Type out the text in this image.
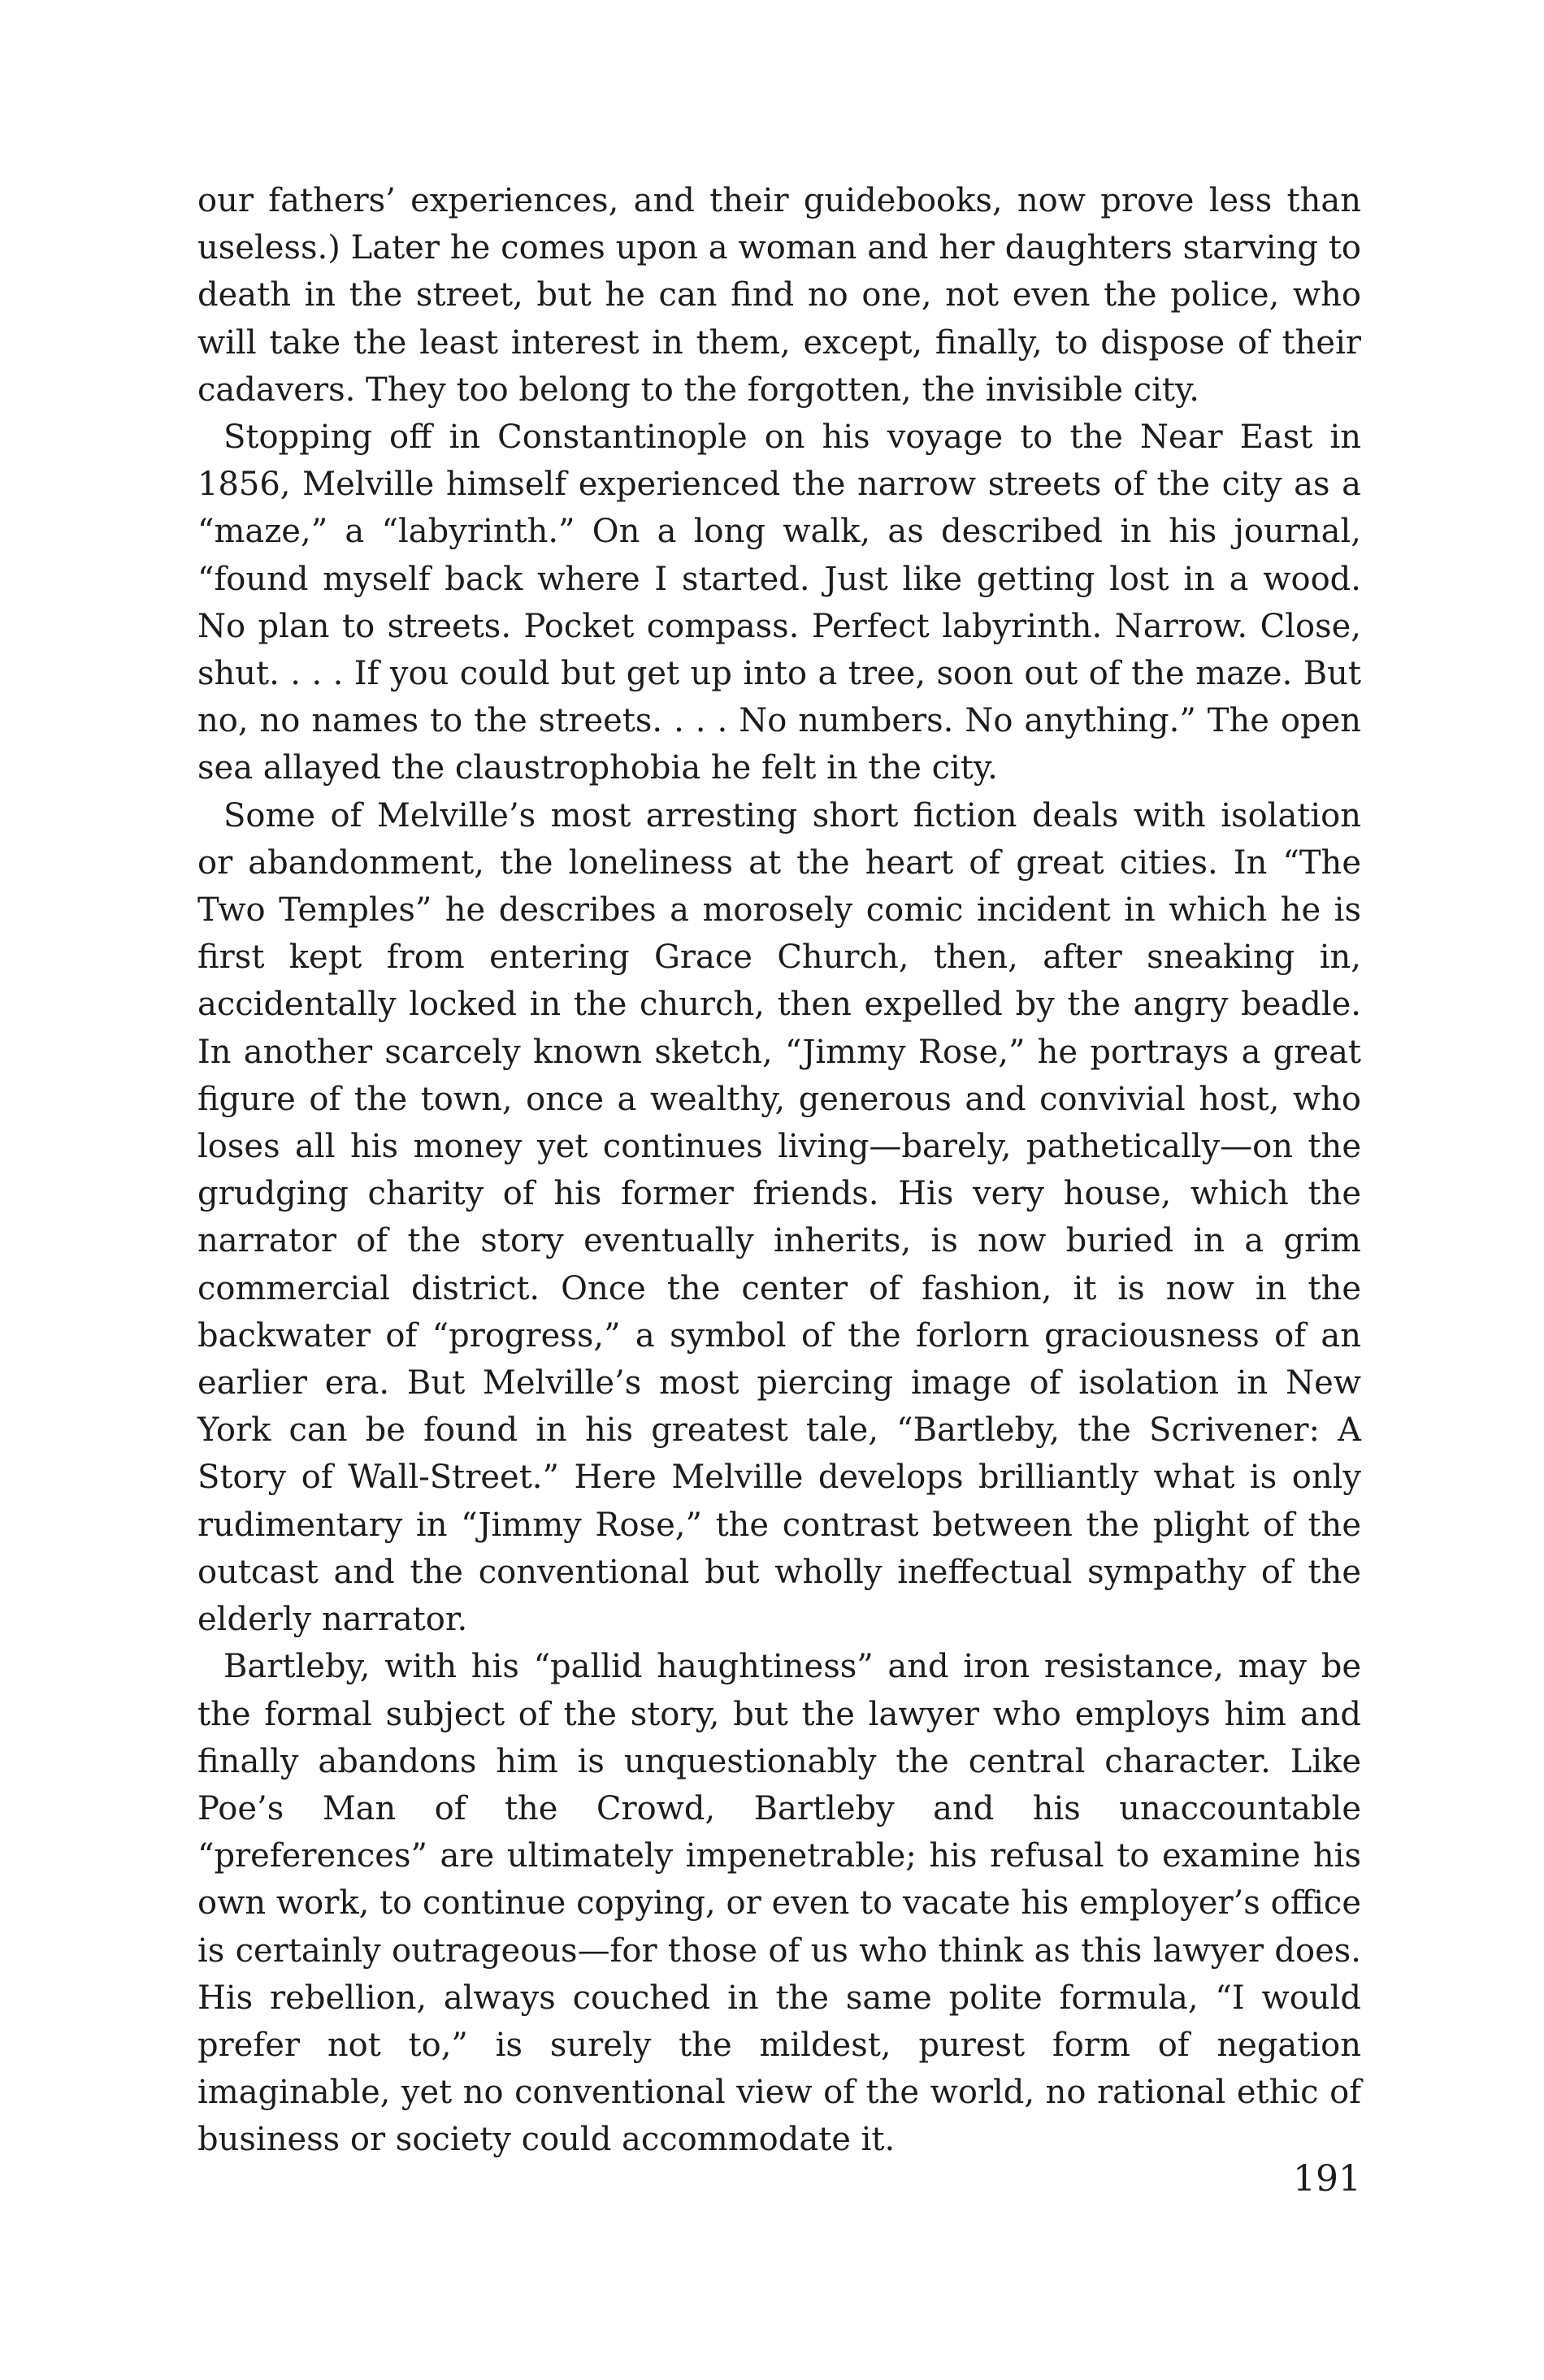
our fathers’ experiences, and their guidebooks, now prove less than useless.) Later he comes upon a woman and her daughters starving to death in the street, but he can find no one, not even the police, who will take the least interest in them, except, finally, to dispose of their cadavers. They too belong to the forgotten, the invisible city.

Stopping off in Constantinople on his voyage to the Near East in 1856, Melville himself experienced the narrow streets of the city as a “maze,” a “labyrinth.” On a long walk, as described in his journal, “found myself back where I started. Just like getting lost in a wood. No plan to streets. Pocket compass. Perfect labyrinth. Narrow. Close, shut. . . . If you could but get up into a tree, soon out of the maze. But no, no names to the streets. . . . No numbers. No anything.” The open sea allayed the claustrophobia he felt in the city.

Some of Melville’s most arresting short fiction deals with isolation or abandonment, the loneliness at the heart of great cities. In “The Two Temples” he describes a morosely comic incident in which he is first kept from entering Grace Church, then, after sneaking in, accidentally locked in the church, then expelled by the angry beadle. In another scarcely known sketch, “Jimmy Rose,” he portrays a great figure of the town, once a wealthy, generous and convivial host, who loses all his money yet continues living—barely, pathetically—on the grudging charity of his former friends. His very house, which the narrator of the story eventually inherits, is now buried in a grim commercial district. Once the center of fashion, it is now in the backwater of “progress,” a symbol of the forlorn graciousness of an earlier era. But Melville’s most piercing image of isolation in New York can be found in his greatest tale, “Bartleby, the Scrivener: A Story of Wall-Street.” Here Melville develops brilliantly what is only rudimentary in “Jimmy Rose,” the contrast between the plight of the outcast and the conventional but wholly ineffectual sympathy of the elderly narrator.

Bartleby, with his “pallid haughtiness” and iron resistance, may be the formal subject of the story, but the lawyer who employs him and finally abandons him is unquestionably the central character. Like Poe’s Man of the Crowd, Bartleby and his unaccountable “preferences” are ultimately impenetrable; his refusal to examine his own work, to continue copying, or even to vacate his employer’s office is certainly outrageous—for those of us who think as this lawyer does. His rebellion, always couched in the same polite formula, “I would prefer not to,” is surely the mildest, purest form of negation imaginable, yet no conventional view of the world, no rational ethic of business or society could accommodate it.

191
